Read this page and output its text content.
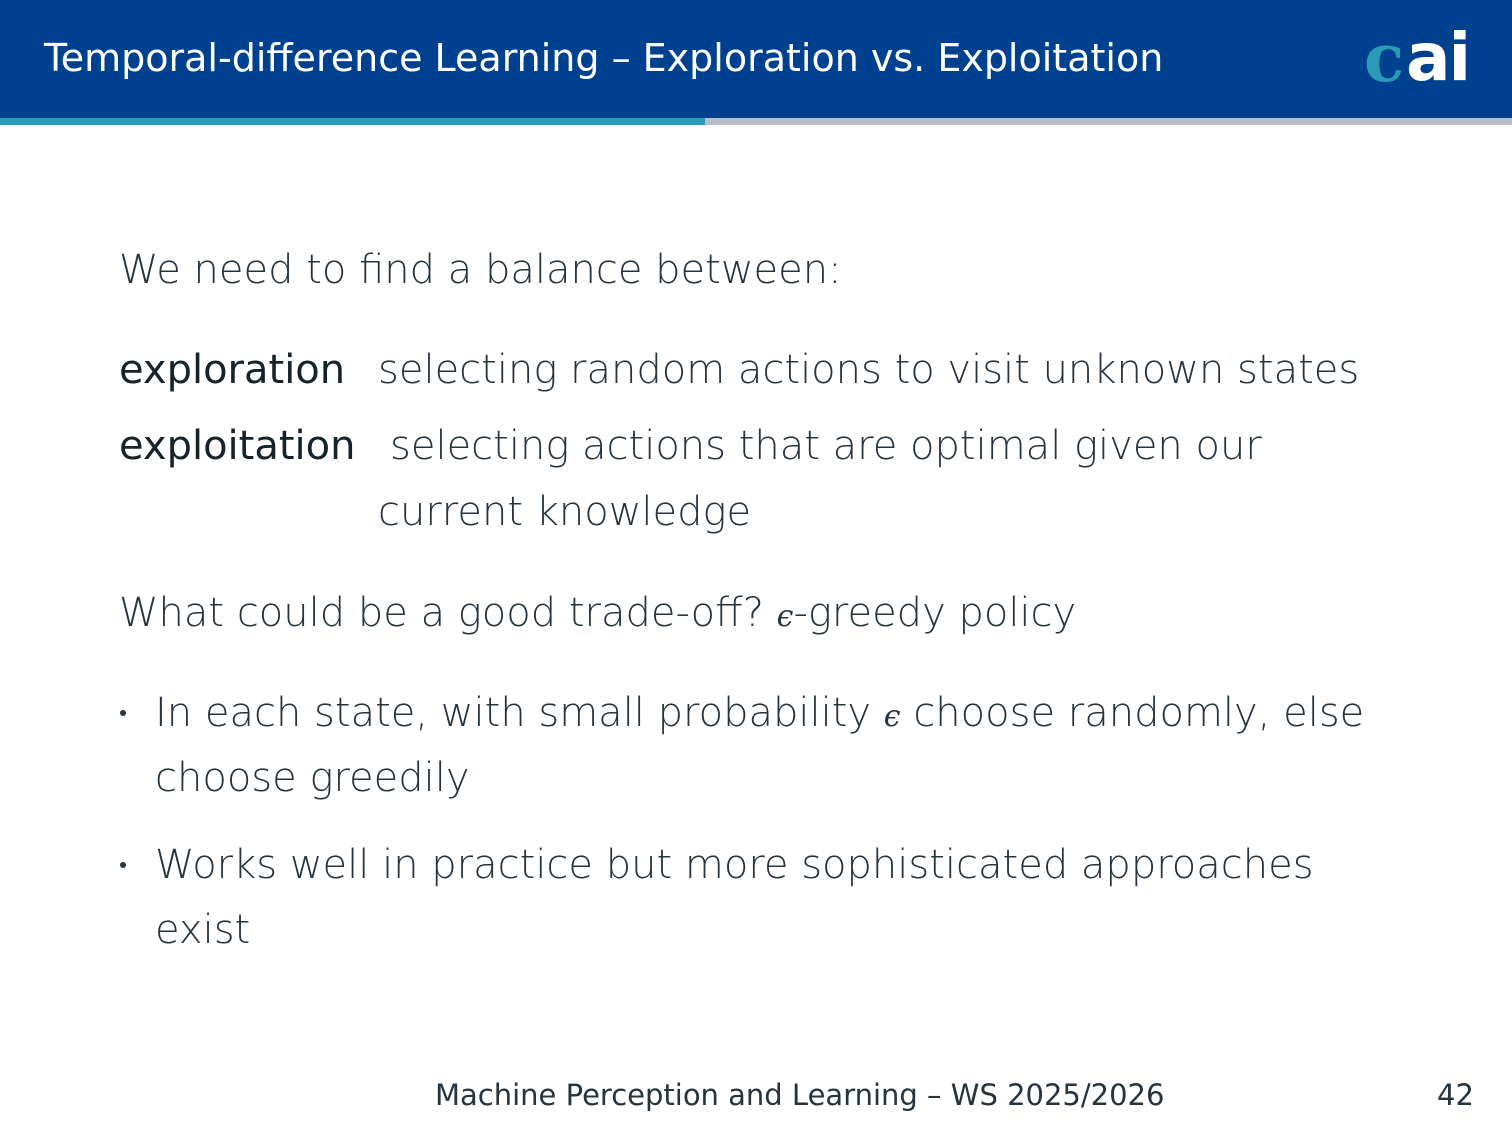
Temporal-difference Learning – Exploration vs. Exploitation	c ai
We need to find a balance between:
exploration selecting random actions to visit unknown states
exploitation selecting actions that are optimal given our
current knowledge
What could be a good trade-off? ϵ-greedy policy
In each state, with small probability ϵ choose randomly, else
choose greedily
Works well in practice but more sophisticated approaches
exist
Machine Perception and Learning – WS 2025/2026	42
